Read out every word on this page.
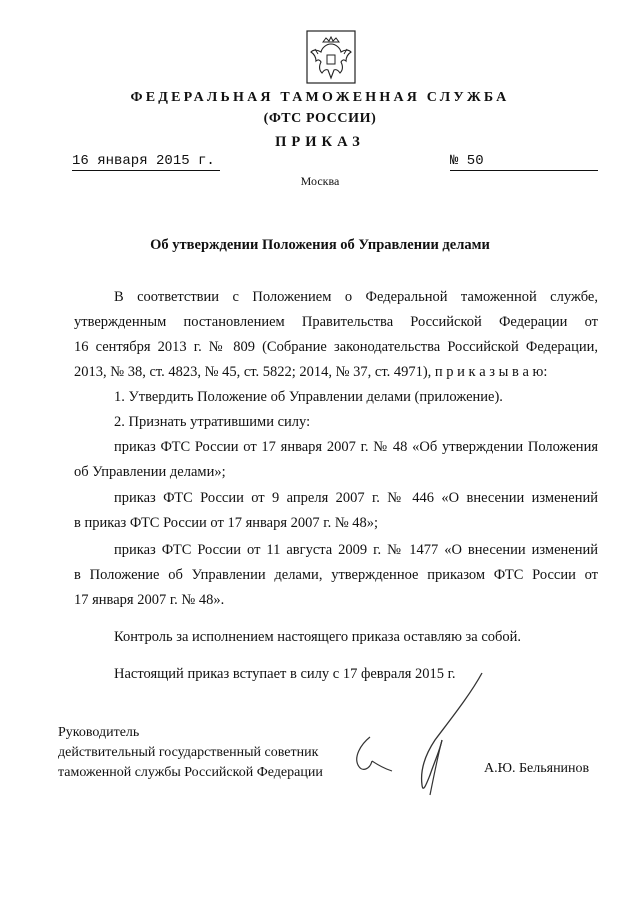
ФЕДЕРАЛЬНАЯ ТАМОЖЕННАЯ СЛУЖБА
(ФТС РОССИИ)
ПРИКАЗ
16 января 2015 г.	№ 50
Москва
Об утверждении Положения об Управлении делами
В соответствии с Положением о Федеральной таможенной службе,
утвержденным постановлением Правительства Российской Федерации от
16 сентября 2013 г. № 809 (Собрание законодательства Российской Федерации,
2013, № 38, ст. 4823, № 45, ст. 5822; 2014, № 37, ст. 4971), п р и к а з ы в а ю:
1. Утвердить Положение об Управлении делами (приложение).
2. Признать утратившими силу:
приказ ФТС России от 17 января 2007 г. № 48 «Об утверждении Положения
об Управлении делами»;
приказ ФТС России от 9 апреля 2007 г. № 446 «О внесении изменений
в приказ ФТС России от 17 января 2007 г. № 48»;
приказ ФТС России от 11 августа 2009 г. № 1477 «О внесении изменений
в Положение об Управлении делами, утвержденное приказом ФТС России от
17 января 2007 г. № 48».
Контроль за исполнением настоящего приказа оставляю за собой.
Настоящий приказ вступает в силу с 17 февраля 2015 г.
Руководитель
действительный государственный советник
таможенной службы Российской Федерации	А.Ю. Бельянинов
